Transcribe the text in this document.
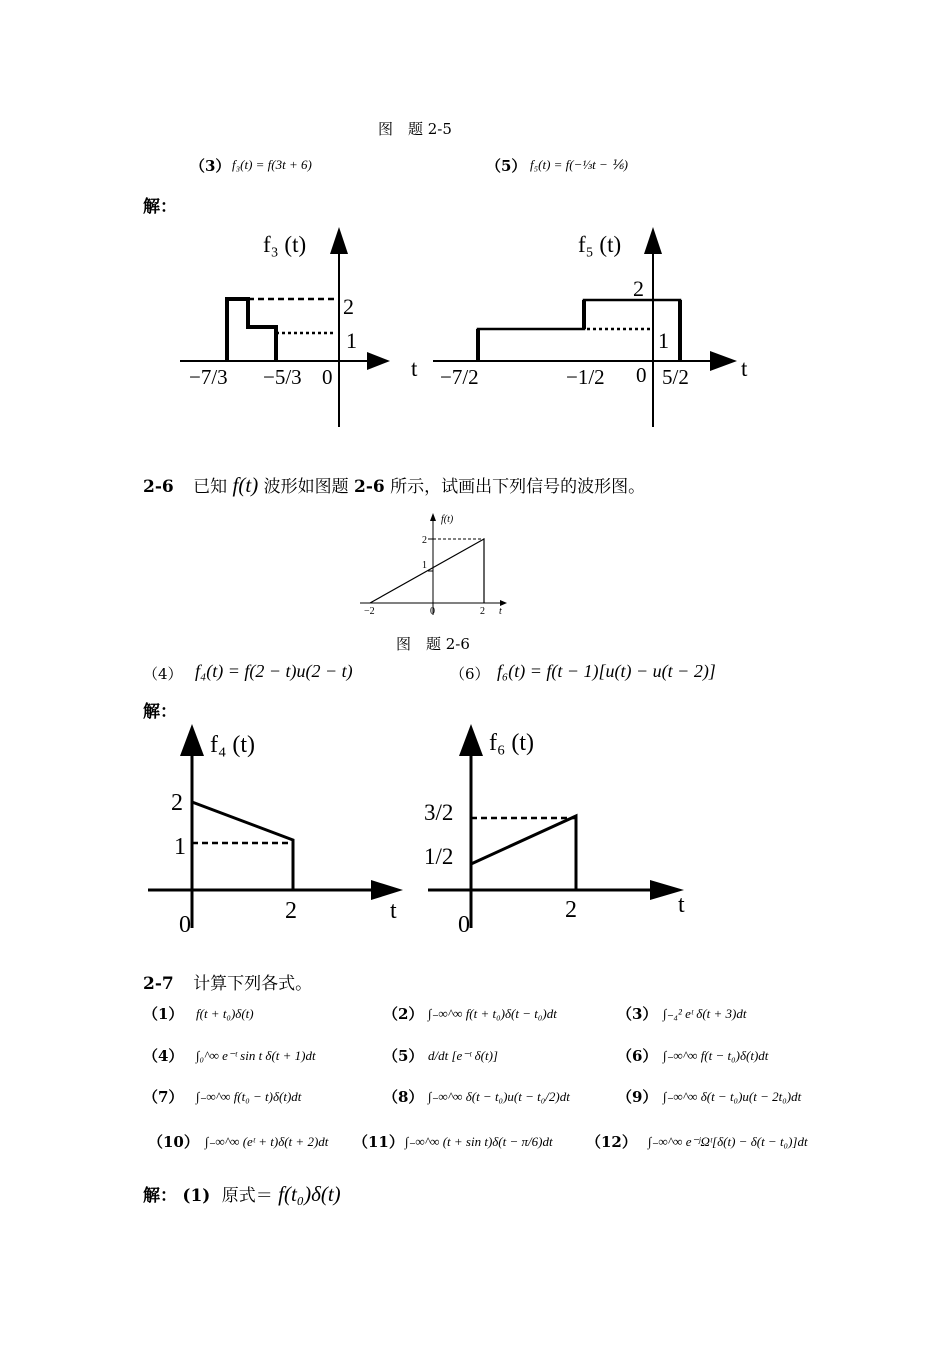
图　题 2-5
（3） f₃(t) = f(3t + 6)	（5） f₅(t) = f(−⅓t − ⅙)
解：
f₃ (t)
2
1
−7/3 −5/3 0	t
f₅ (t)
2
1
−7/2	−1/2 0 5/2 t
2-6 已知 f(t) 波形如图题 2-6 所示，试画出下列信号的波形图。
f(t)
2
1
−2	0	2 t
图　题 2-6
（4） f₄(t) = f(2 − t)u(2 − t)	（6） f₆(t) = f(t − 1)[u(t) − u(t − 2)]
解：
f₄ (t)
2
1
0
2	t
f₆ (t)
3/2
1/2
0
2	t
2-7 计算下列各式。
（1） f(t + t₀)δ(t)	（2） ∫₋∞^∞ f(t + t₀)δ(t − t₀)dt	（3） ∫₋₄² eᵗ δ(t + 3)dt
（4） ∫₀^∞ e⁻ᵗ sin t δ(t + 1)dt	（5） d/dt [e⁻ᵗ δ(t)]	（6） ∫₋∞^∞ f(t − t₀)δ(t)dt
（7） ∫₋∞^∞ f(t₀ − t)δ(t)dt	（8） ∫₋∞^∞ δ(t − t₀)u(t − t₀/2)dt	（9） ∫₋∞^∞ δ(t − t₀)u(t − 2t₀)dt
（10） ∫₋∞^∞ (eᵗ + t)δ(t + 2)dt （11） ∫₋∞^∞ (t + sin t)δ(t − π/6)dt （12） ∫₋∞^∞ e⁻ʲΩᵗ[δ(t) − δ(t − t₀)]dt
解： (1) 原式＝ f(t₀)δ(t)
